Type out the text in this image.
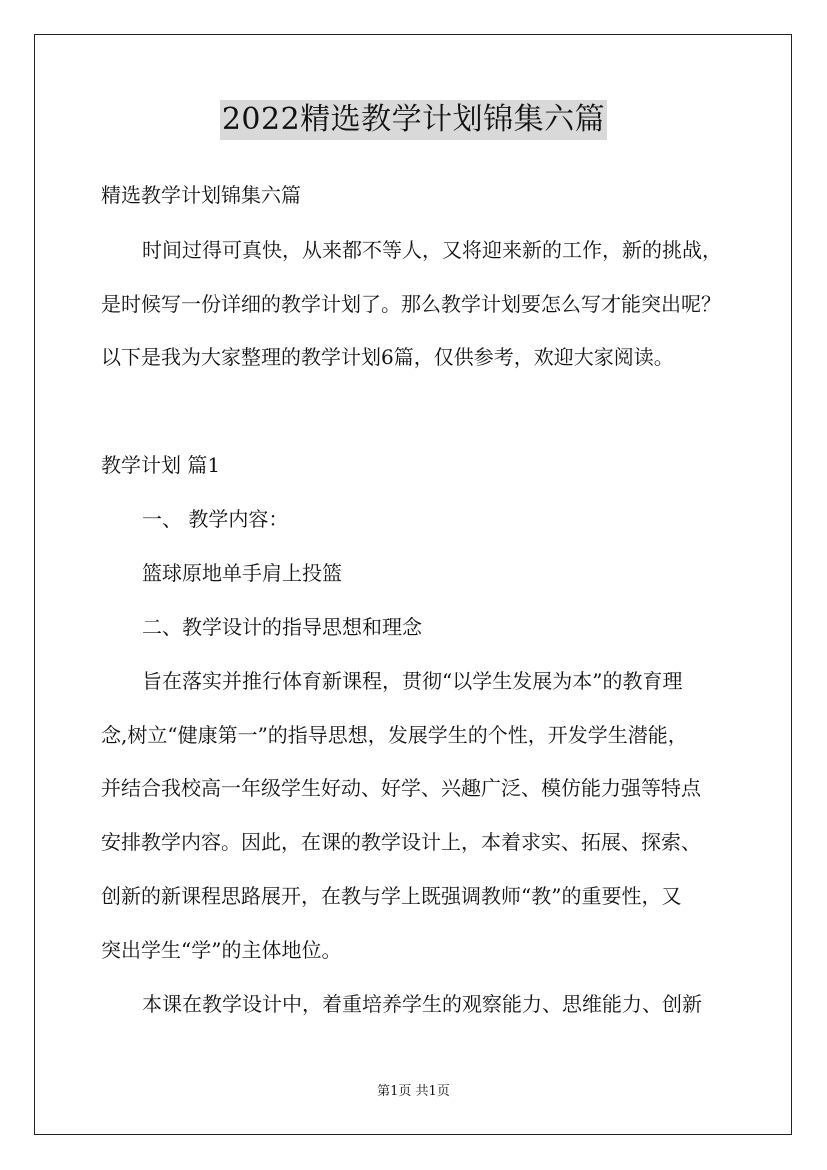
2022精选教学计划锦集六篇
精选教学计划锦集六篇
时间过得可真快，从来都不等人，又将迎来新的工作，新的挑战，
是时候写一份详细的教学计划了。那么教学计划要怎么写才能突出呢？
以下是我为大家整理的教学计划6篇，仅供参考，欢迎大家阅读。
教学计划 篇1
一、 教学内容：
篮球原地单手肩上投篮
二、教学设计的指导思想和理念
旨在落实并推行体育新课程，贯彻“以学生发展为本”的教育理
念,树立“健康第一”的指导思想，发展学生的个性，开发学生潜能，
并结合我校高一年级学生好动、好学、兴趣广泛、模仿能力强等特点
安排教学内容。因此，在课的教学设计上，本着求实、拓展、探索、
创新的新课程思路展开，在教与学上既强调教师“教”的重要性，又
突出学生“学”的主体地位。
本课在教学设计中，着重培养学生的观察能力、思维能力、创新
第1页 共1页
